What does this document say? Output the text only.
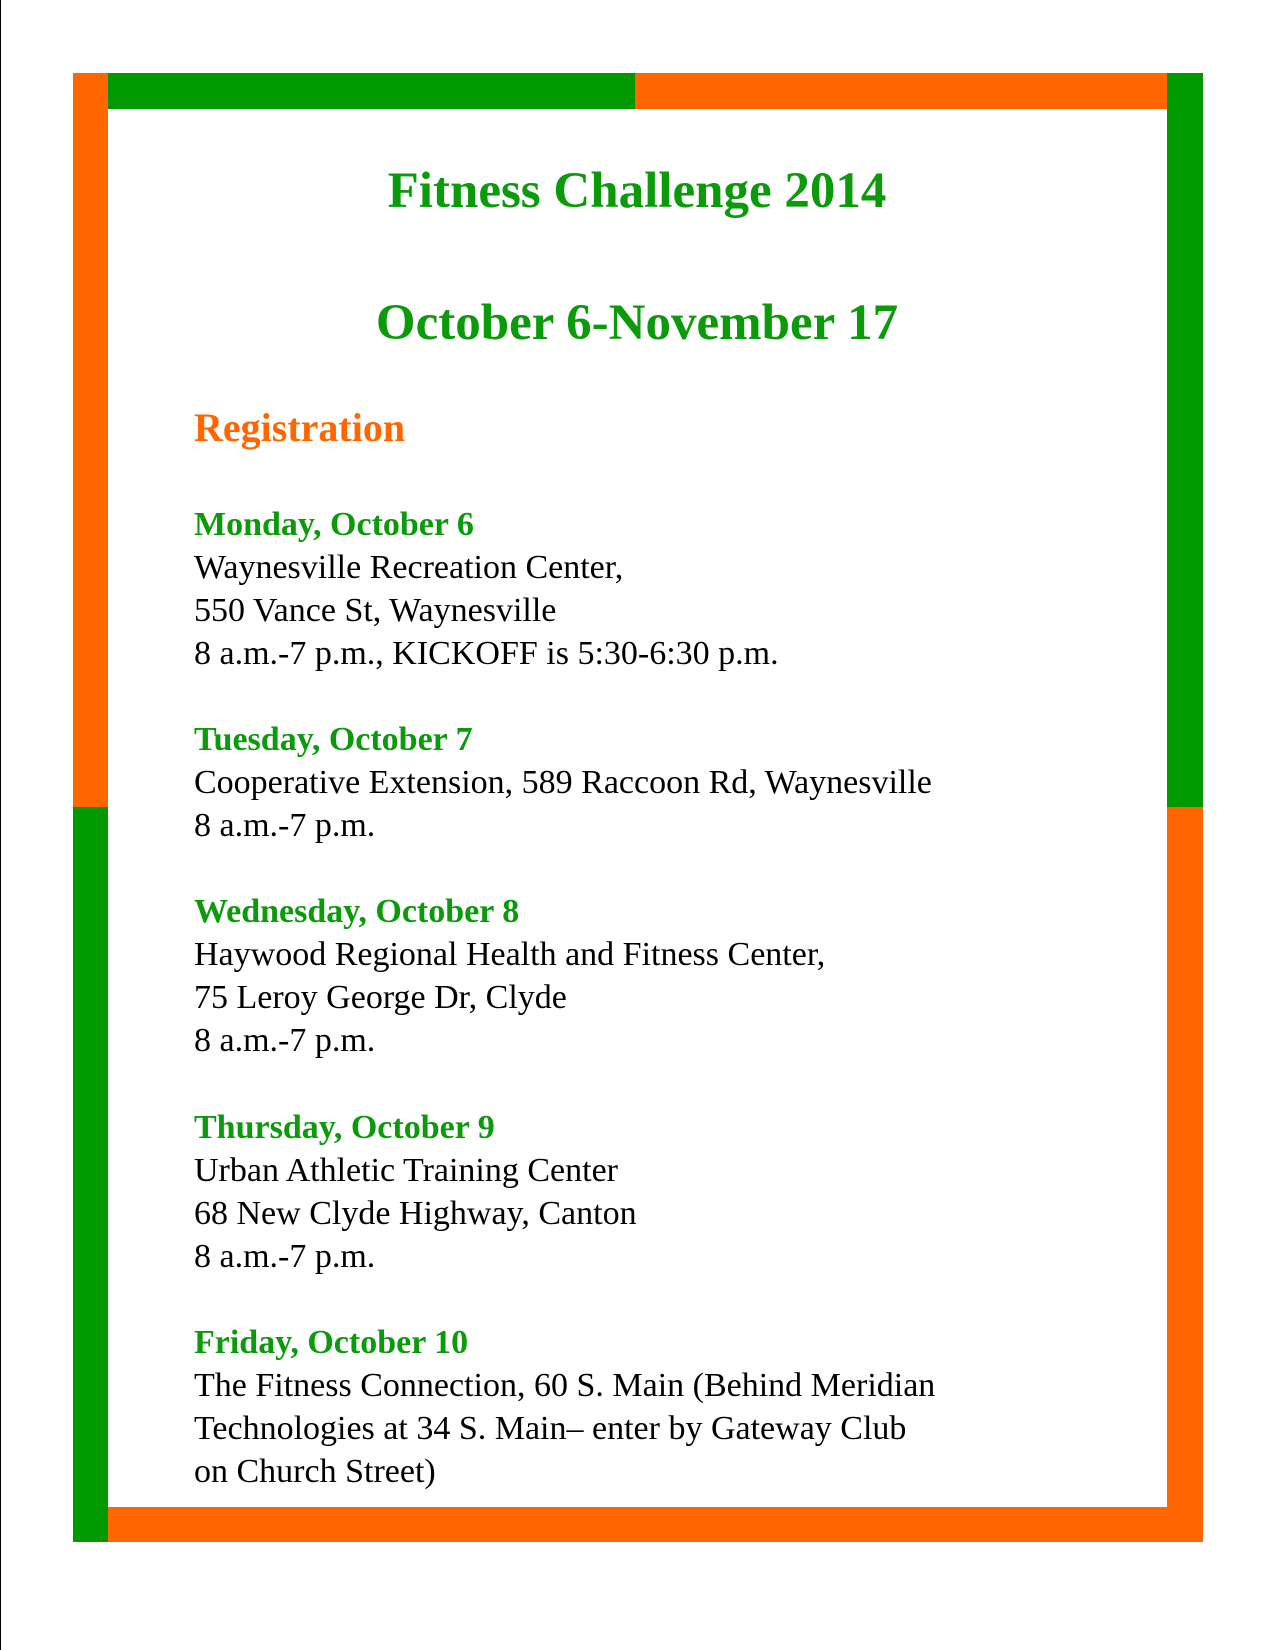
Fitness Challenge 2014
October 6-November 17
Registration

Monday, October 6

Waynesville Recreation Center,

550 Vance St, Waynesville

8 a.m.-7 p.m., KICKOFF is 5:30-6:30 p.m.

Tuesday, October 7

Cooperative Extension, 589 Raccoon Rd, Waynesville

8 a.m.-7 p.m.

Wednesday, October 8

Haywood Regional Health and Fitness Center,

75 Leroy George Dr, Clyde

8 a.m.-7 p.m.

Thursday, October 9

Urban Athletic Training Center

68 New Clyde Highway, Canton

8 a.m.-7 p.m.

Friday, October 10

The Fitness Connection, 60 S. Main (Behind Meridian

Technologies at 34 S. Main– enter by Gateway Club

on Church Street)
